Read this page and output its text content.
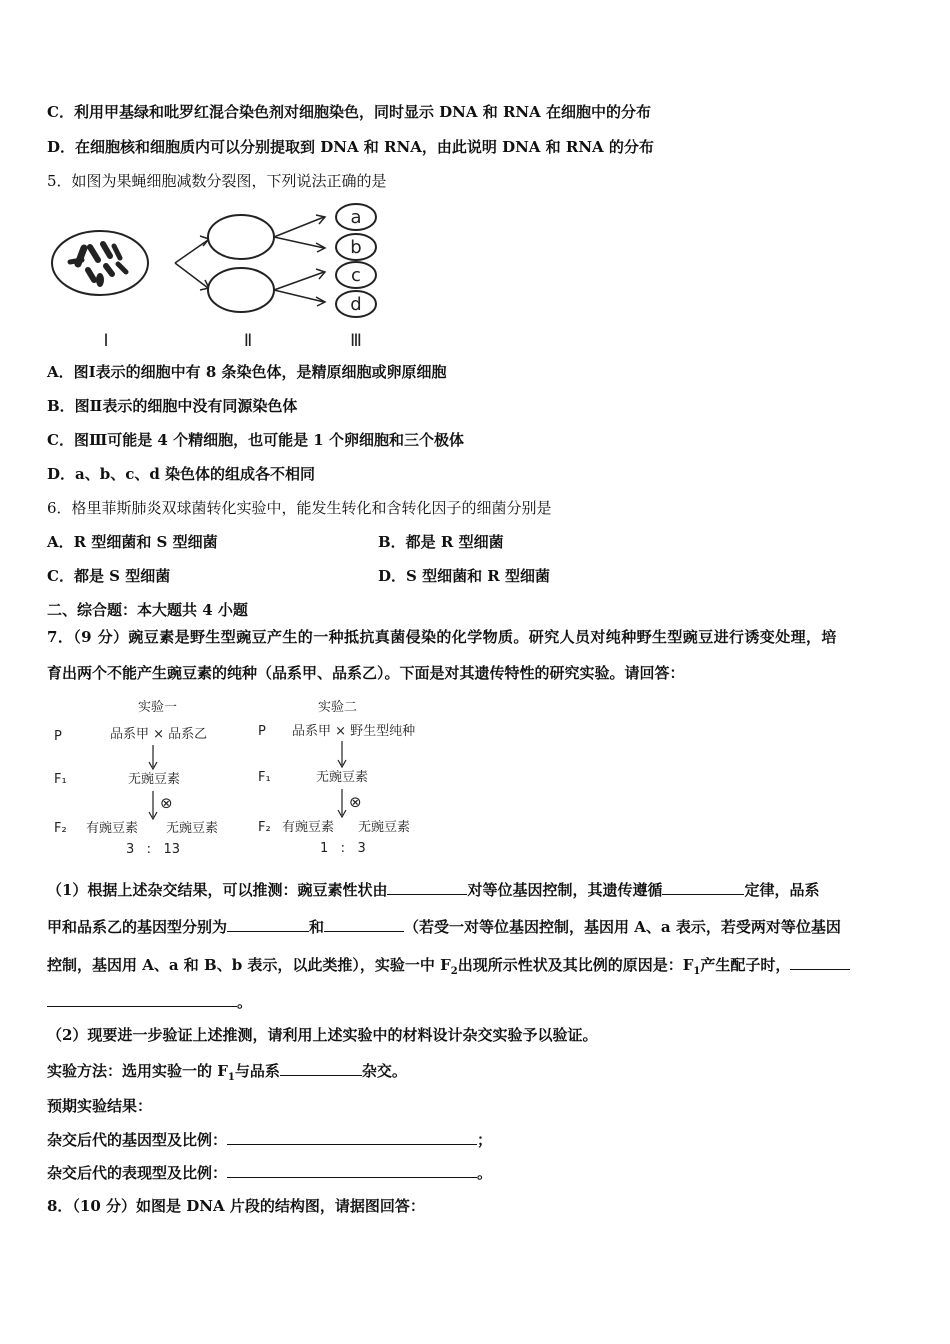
C．利用甲基绿和吡罗红混合染色剂对细胞染色，同时显示 DNA 和 RNA 在细胞中的分布
D．在细胞核和细胞质内可以分别提取到 DNA 和 RNA，由此说明 DNA 和 RNA 的分布
5．如图为果蝇细胞减数分裂图，下列说法正确的是
a
b
c
d
Ⅰ	Ⅱ	Ⅲ
A．图Ⅰ表示的细胞中有 8 条染色体，是精原细胞或卵原细胞
B．图Ⅱ表示的细胞中没有同源染色体
C．图Ⅲ可能是 4 个精细胞，也可能是 1 个卵细胞和三个极体
D．a、b、c、d 染色体的组成各不相同
6．格里菲斯肺炎双球菌转化实验中，能发生转化和含转化因子的细菌分别是
A．R 型细菌和 S 型细菌	B．都是 R 型细菌
C．都是 S 型细菌	D．S 型细菌和 R 型细菌
二、综合题：本大题共 4 小题
7．（9 分）豌豆素是野生型豌豆产生的一种抵抗真菌侵染的化学物质。研究人员对纯种野生型豌豆进行诱变处理，培
育出两个不能产生豌豆素的纯种（品系甲、品系乙）。下面是对其遗传特性的研究实验。请回答：
实验一
P	品系甲 × 品系乙
F₁	无豌豆素
F₂ 有豌豆素 无豌豆素
3   :   13
实验二
P 品系甲 × 野生型纯种
F₁	无豌豆素
F₂ 有豌豆素 无豌豆素
1   :   3
⊗	⊗
（1）根据上述杂交结果，可以推测：豌豆素性状由	对等位基因控制，其遗传遵循	定律，品系
甲和品系乙的基因型分别为	和	（若受一对等位基因控制，基因用 A、a 表示，若受两对等位基因
控制，基因用 A、a 和 B、b 表示，以此类推），实验一中 $F_2$出现所示性状及其比例的原因是：$F_1$产生配子时，
。
（2）现要进一步验证上述推测，请利用上述实验中的材料设计杂交实验予以验证。
实验方法：选用实验一的 $F_1$与品系	杂交。
预期实验结果：
杂交后代的基因型及比例：	；
杂交后代的表现型及比例：	。
8．（10 分）如图是 DNA 片段的结构图，请据图回答：
